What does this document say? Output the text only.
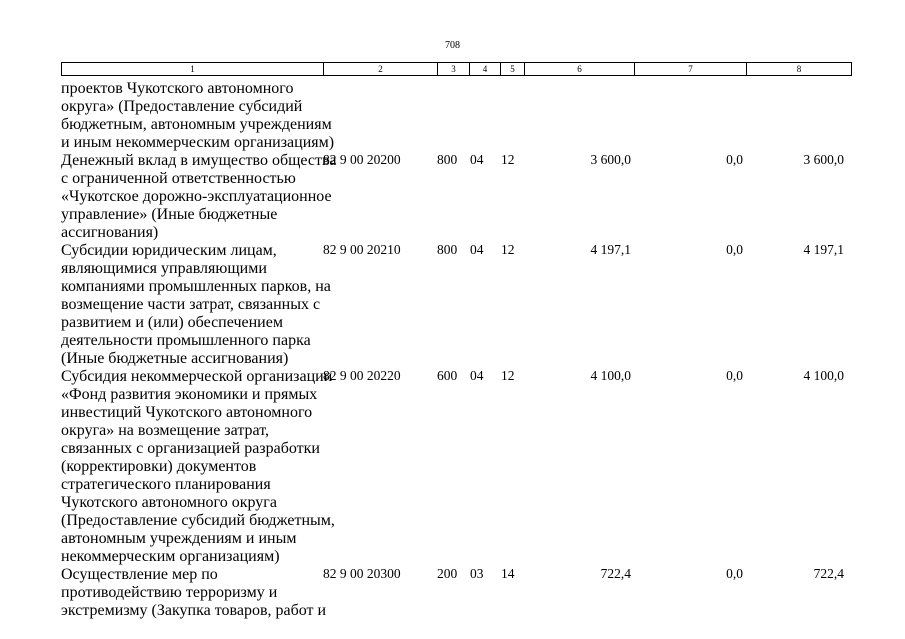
708
1	2	3	4	5	6	7	8
проектов Чукотского автономного
округа» (Предоставление субсидий
бюджетным, автономным учреждениям
и иным некоммерческим организациям)
Денежный вклад в имущество общества
с ограниченной ответственностью
«Чукотское дорожно-эксплуатационное
управление» (Иные бюджетные
ассигнования)
82 9 00 20200	800 04 12	3 600,0	0,0	3 600,0
Субсидии юридическим лицам,
являющимися управляющими
компаниями промышленных парков, на
возмещение части затрат, связанных с
развитием и (или) обеспечением
деятельности промышленного парка
(Иные бюджетные ассигнования)
82 9 00 20210	800 04 12	4 197,1	0,0	4 197,1
Субсидия некоммерческой организации
«Фонд развития экономики и прямых
инвестиций Чукотского автономного
округа» на возмещение затрат,
связанных с организацией разработки
(корректировки) документов
стратегического планирования
Чукотского автономного округа
(Предоставление субсидий бюджетным,
автономным учреждениям и иным
некоммерческим организациям)
82 9 00 20220	600 04 12	4 100,0	0,0	4 100,0
Осуществление мер по
противодействию терроризму и
экстремизму (Закупка товаров, работ и
82 9 00 20300	200 03 14	722,4	0,0	722,4
